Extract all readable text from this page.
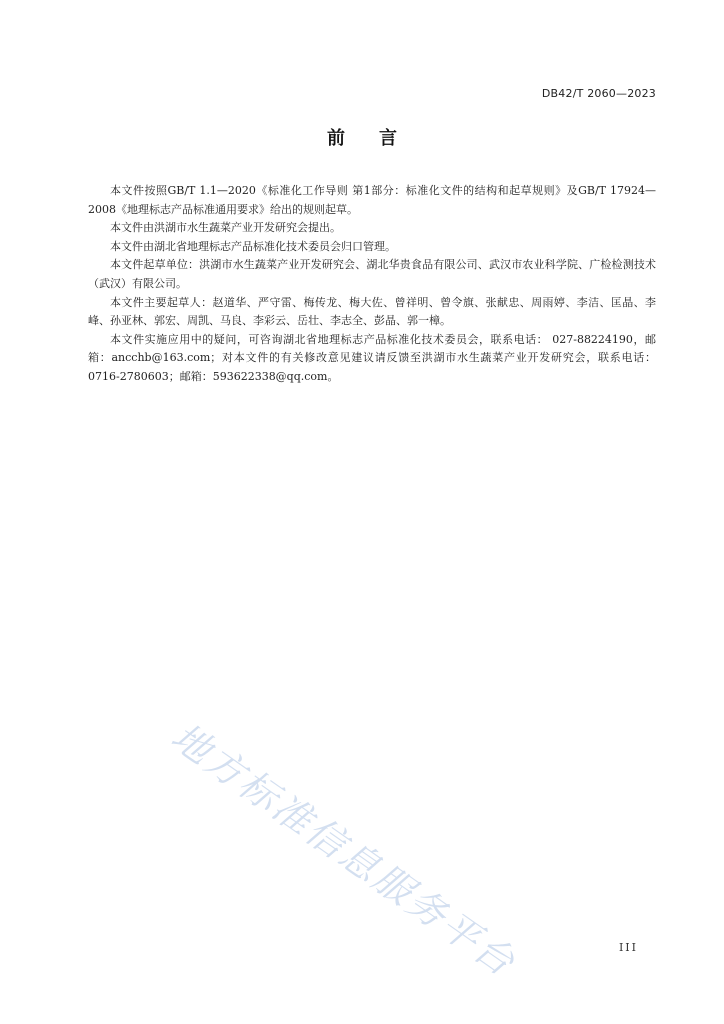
DB42/T 2060—2023
前言

本文件按照GB/T 1.1—2020《标准化工作导则 第1部分：标准化文件的结构和起草规则》及GB/T 17924—2008《地理标志产品标准通用要求》给出的规则起草。

本文件由洪湖市水生蔬菜产业开发研究会提出。

本文件由湖北省地理标志产品标准化技术委员会归口管理。

本文件起草单位：洪湖市水生蔬菜产业开发研究会、湖北华贵食品有限公司、武汉市农业科学院、广检检测技术（武汉）有限公司。

本文件主要起草人：赵道华、严守雷、梅传龙、梅大佐、曾祥明、曾令旗、张献忠、周雨婷、李洁、匡晶、李峰、孙亚林、郭宏、周凯、马良、李彩云、岳壮、李志全、彭晶、郭一樟。

本文件实施应用中的疑问，可咨询湖北省地理标志产品标准化技术委员会，联系电话： 027-88224190，邮箱：ancchb@163.com；对本文件的有关修改意见建议请反馈至洪湖市水生蔬菜产业开发研究会，联系电话：0716-2780603；邮箱：593622338@qq.com。

地方标准信息服务平台	III
